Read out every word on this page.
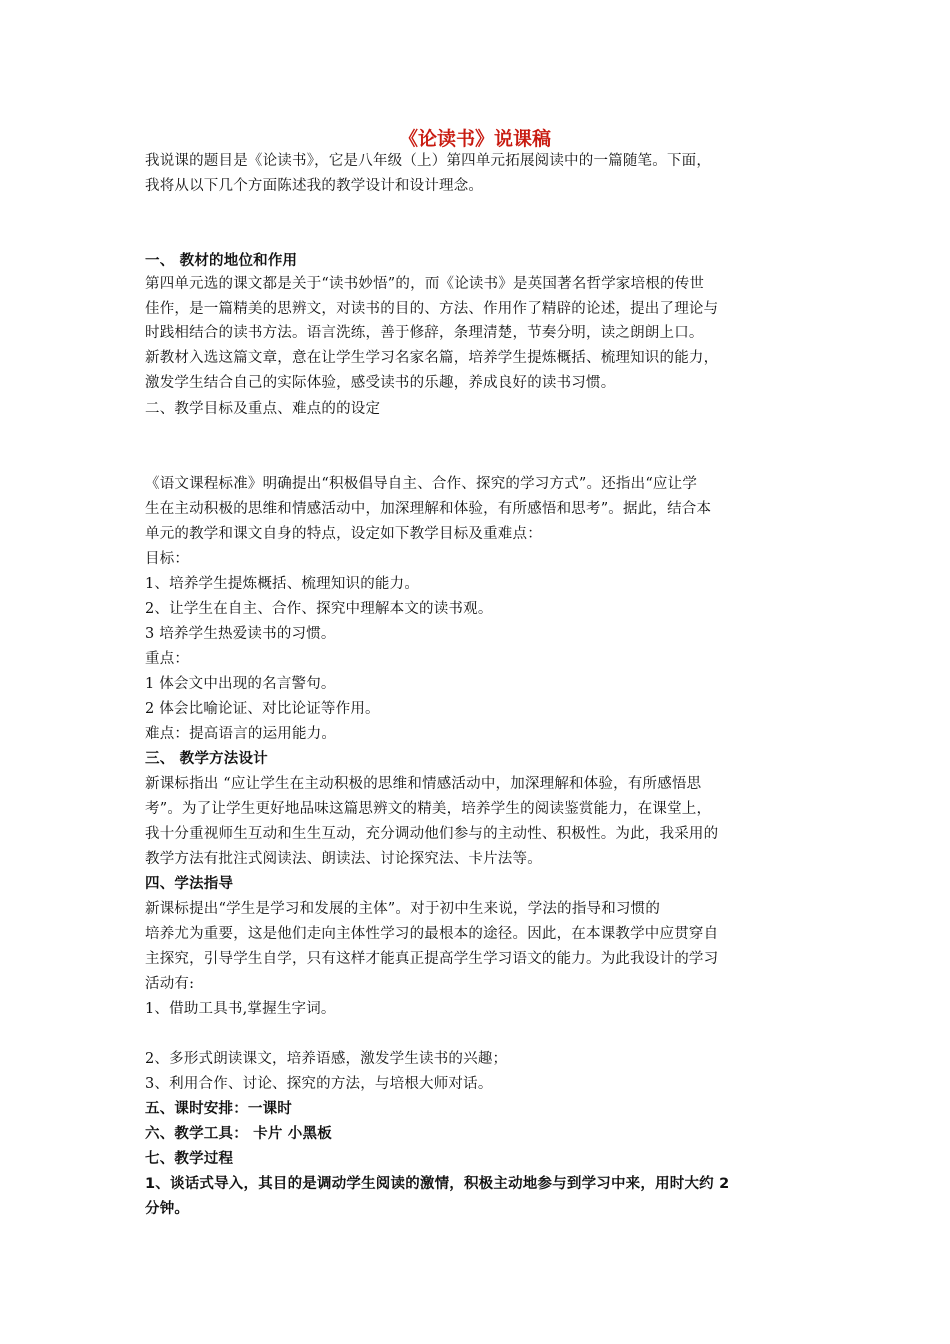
《论读书》说课稿
我说课的题目是《论读书》，它是八年级（上）第四单元拓展阅读中的一篇随笔。下面，
我将从以下几个方面陈述我的教学设计和设计理念。
一、 教材的地位和作用
第四单元选的课文都是关于“读书妙悟”的，而《论读书》是英国著名哲学家培根的传世
佳作，是一篇精美的思辨文，对读书的目的、方法、作用作了精辟的论述，提出了理论与
时践相结合的读书方法。语言洗练，善于修辞，条理清楚，节奏分明，读之朗朗上口。
新教材入选这篇文章，意在让学生学习名家名篇，培养学生提炼概括、梳理知识的能力，
激发学生结合自己的实际体验，感受读书的乐趣，养成良好的读书习惯。
二、教学目标及重点、难点的的设定
《语文课程标准》明确提出“积极倡导自主、合作、探究的学习方式”。还指出“应让学
生在主动积极的思维和情感活动中，加深理解和体验，有所感悟和思考”。据此，结合本
单元的教学和课文自身的特点，设定如下教学目标及重难点：
目标：
1、培养学生提炼概括、梳理知识的能力。
2、让学生在自主、合作、探究中理解本文的读书观。
3 培养学生热爱读书的习惯。
重点：
1 体会文中出现的名言警句。
2 体会比喻论证、对比论证等作用。
难点：提高语言的运用能力。
三、 教学方法设计
新课标指出 “应让学生在主动积极的思维和情感活动中，加深理解和体验，有所感悟思
考”。为了让学生更好地品味这篇思辨文的精美，培养学生的阅读鉴赏能力，在课堂上，
我十分重视师生互动和生生互动，充分调动他们参与的主动性、积极性。为此，我采用的
教学方法有批注式阅读法、朗读法、讨论探究法、卡片法等。
四、学法指导
新课标提出“学生是学习和发展的主体”。对于初中生来说，学法的指导和习惯的
培养尤为重要，这是他们走向主体性学习的最根本的途径。因此，在本课教学中应贯穿自
主探究，引导学生自学，只有这样才能真正提高学生学习语文的能力。为此我设计的学习
活动有:
1、借助工具书,掌握生字词。
2、多形式朗读课文，培养语感，激发学生读书的兴趣；
3、利用合作、讨论、探究的方法，与培根大师对话。
五、课时安排：一课时
六、教学工具： 卡片 小黑板
七、教学过程
1、谈话式导入，其目的是调动学生阅读的激情，积极主动地参与到学习中来，用时大约 2
分钟。
